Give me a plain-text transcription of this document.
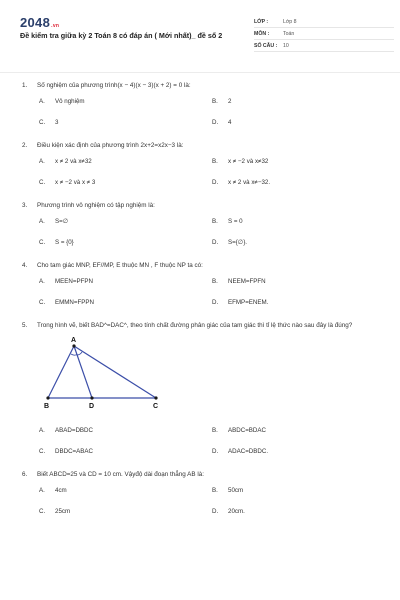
2048.vn
Đề kiểm tra giữa kỳ 2 Toán 8 có đáp án ( Mới nhất)_ đề số 2
LỚP :	Lớp 8
MÔN :	Toán
SỐ CÂU :	10
1.	Số nghiệm của phương trình(x − 4)(x − 3)(x + 2) = 0 là:
A.	Vô nghiệm	B.	2
C.	3	D.	4
2.	Điều kiện xác định của phương trình 2x+2=x2x−3 là:
A.	x ≠ 2 và x≠32	B.	x ≠ −2 và x≠32
C.	x ≠ −2 và x ≠ 3	D.	x ≠ 2 và x≠−32.
3.	Phương trình vô nghiệm có tập nghiệm là:
A.	S=∅	B.	S = 0
C.	S = {0}	D.	S={∅}.
4.	Cho tam giác MNP, EF//MP, E thuộc MN , F thuộc NP ta có:
A.	MEEN=PFPN	B.	NEEM=FPFN
C.	EMMN=FPPN	D.	EFMP=ENEM.
5.	Trong hình vẽ, biết BAD^=DAC^, theo tính chất đường phân giác của tam giác thì tỉ lệ thức nào sau đây là đúng?
A
B	D	C
A.	ABAD=DBDC	B.	ABDC=BDAC
C.	DBDC=ABAC	D.	ADAC=DBDC.
6.	Biết ABCD=25 và CD = 10 cm. Vậyđộ dài đoạn thẳng AB là:
A.	4cm	B.	50cm
C.	25cm	D.	20cm.
